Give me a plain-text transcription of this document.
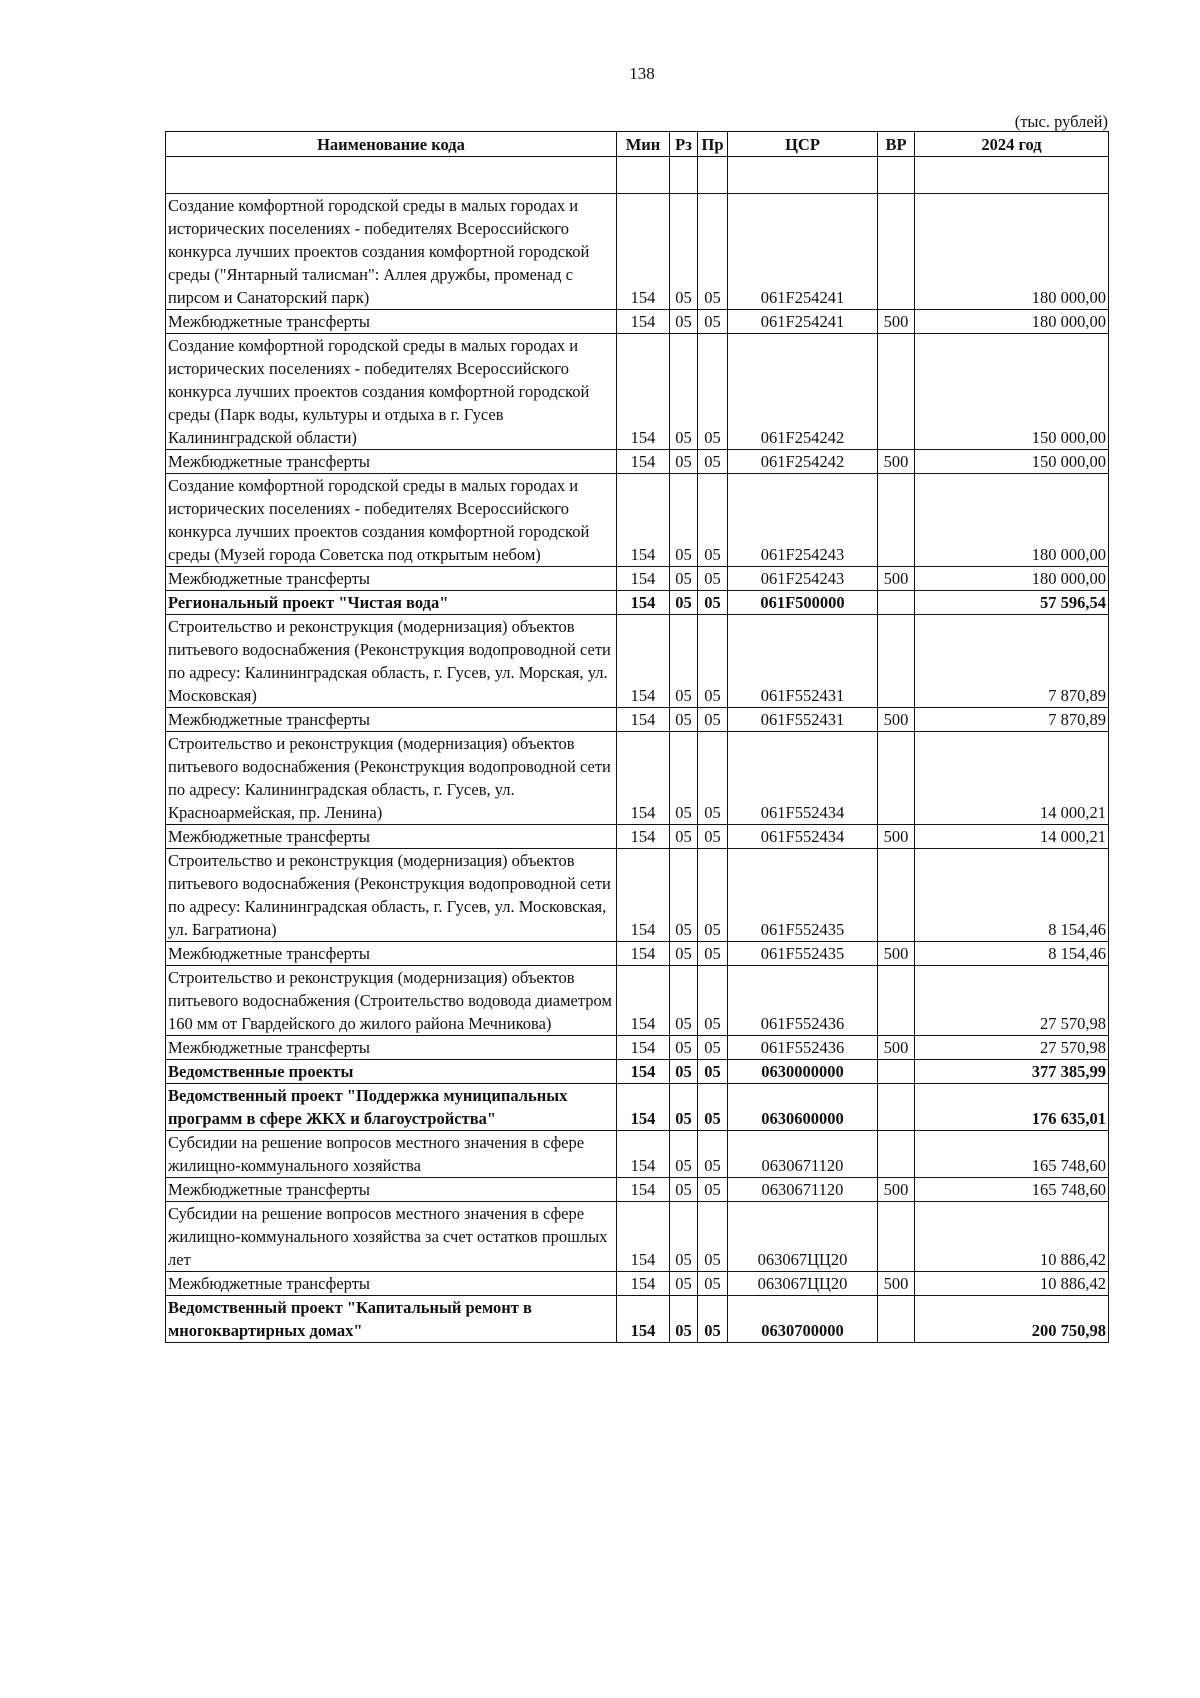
138
(тыс. рублей)
Наименование кода	Мин	Рз	Пр	ЦСР	ВР	2024 год

Создание комфортной городской среды в малых городах и исторических поселениях - победителях Всероссийского конкурса лучших проектов создания комфортной городской среды ("Янтарный талисман": Аллея дружбы, променад с пирсом и Санаторский парк)	154	05	05	061F254241		180 000,00
Межбюджетные трансферты	154	05	05	061F254241	500	180 000,00
Создание комфортной городской среды в малых городах и исторических поселениях - победителях Всероссийского конкурса лучших проектов создания комфортной городской среды (Парк воды, культуры и отдыха в г. Гусев Калининградской области)	154	05	05	061F254242		150 000,00
Межбюджетные трансферты	154	05	05	061F254242	500	150 000,00
Создание комфортной городской среды в малых городах и исторических поселениях - победителях Всероссийского конкурса лучших проектов создания комфортной городской среды (Музей города Советска под открытым небом)	154	05	05	061F254243		180 000,00
Межбюджетные трансферты	154	05	05	061F254243	500	180 000,00
Региональный проект "Чистая вода"	154	05	05	061F500000		57 596,54
Строительство и реконструкция (модернизация) объектов питьевого водоснабжения (Реконструкция водопроводной сети по адресу: Калининградская область, г. Гусев, ул. Морская, ул. Московская)	154	05	05	061F552431		7 870,89
Межбюджетные трансферты	154	05	05	061F552431	500	7 870,89
Строительство и реконструкция (модернизация) объектов питьевого водоснабжения (Реконструкция водопроводной сети по адресу: Калининградская область, г. Гусев, ул. Красноармейская, пр. Ленина)	154	05	05	061F552434		14 000,21
Межбюджетные трансферты	154	05	05	061F552434	500	14 000,21
Строительство и реконструкция (модернизация) объектов питьевого водоснабжения (Реконструкция водопроводной сети по адресу: Калининградская область, г. Гусев, ул. Московская, ул. Багратиона)	154	05	05	061F552435		8 154,46
Межбюджетные трансферты	154	05	05	061F552435	500	8 154,46
Строительство и реконструкция (модернизация) объектов питьевого водоснабжения (Строительство водовода диаметром 160 мм от Гвардейского до жилого района Мечникова)	154	05	05	061F552436		27 570,98
Межбюджетные трансферты	154	05	05	061F552436	500	27 570,98
Ведомственные проекты	154	05	05	0630000000		377 385,99
Ведомственный проект "Поддержка муниципальных программ в сфере ЖКХ и благоустройства"	154	05	05	0630600000		176 635,01
Субсидии на решение вопросов местного значения в сфере жилищно-коммунального хозяйства	154	05	05	0630671120		165 748,60
Межбюджетные трансферты	154	05	05	0630671120	500	165 748,60
Субсидии на решение вопросов местного значения в сфере жилищно-коммунального хозяйства за счет остатков прошлых лет	154	05	05	063067ЦЦ20		10 886,42
Межбюджетные трансферты	154	05	05	063067ЦЦ20	500	10 886,42
Ведомственный проект "Капитальный ремонт в многоквартирных домах"	154	05	05	0630700000		200 750,98
